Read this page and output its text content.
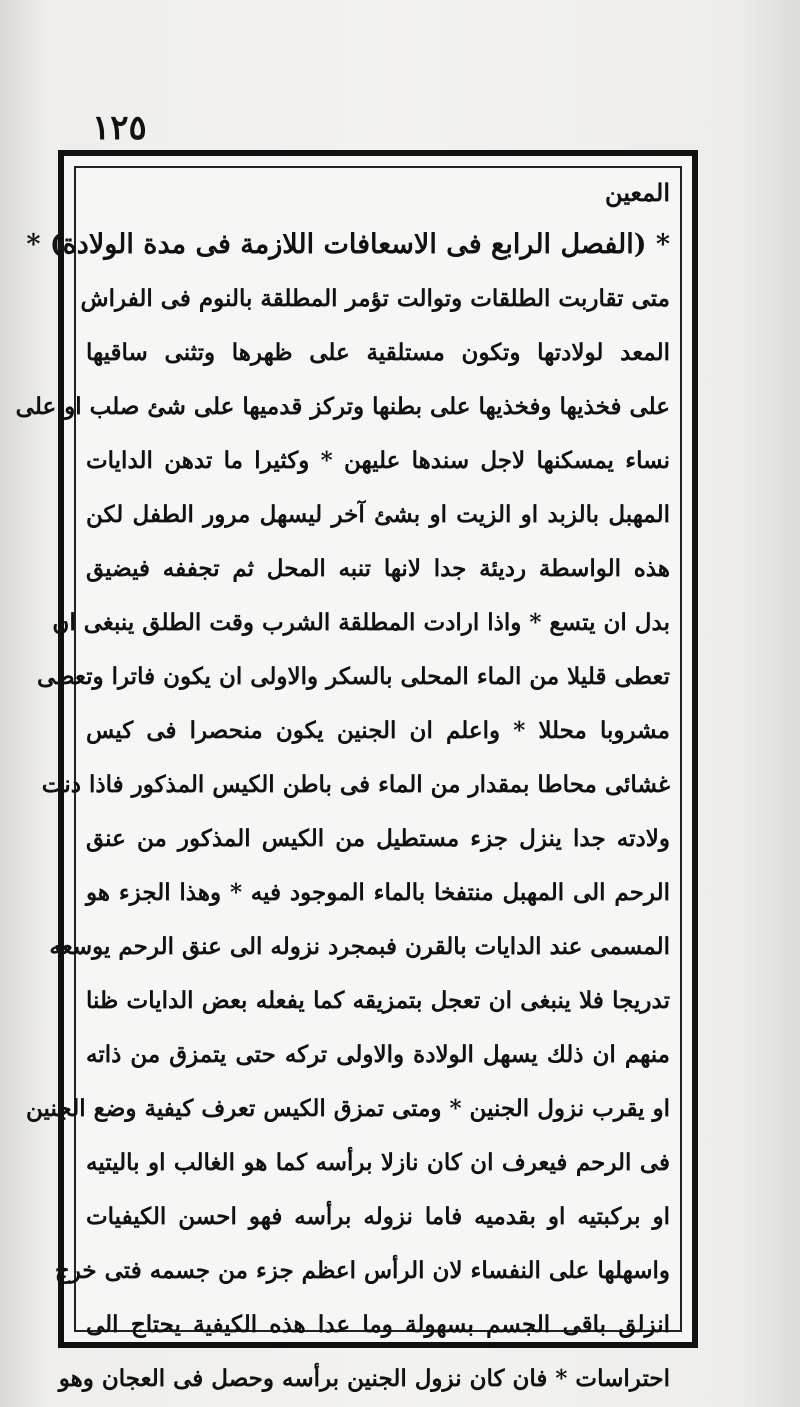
١٢٥
المعين
* (الفصل الرابع فى الاسعافات اللازمة فى مدة الولادة) *
متى تقاربت الطلقات وتوالت تؤمر المطلقة بالنوم فى الفراش
المعد لولادتها وتكون مستلقية على ظهرها وتثنى ساقيها
على فخذيها وفخذيها على بطنها وتركز قدميها على شئ صلب او على
نساء يمسكنها لاجل سندها عليهن * وكثيرا ما تدهن الدايات
المهبل بالزبد او الزيت او بشئ آخر ليسهل مرور الطفل لكن
هذه الواسطة رديئة جدا لانها تنبه المحل ثم تجففه فيضيق
بدل ان يتسع * واذا ارادت المطلقة الشرب وقت الطلق ينبغى ان
تعطى قليلا من الماء المحلى بالسكر والاولى ان يكون فاترا وتعطى
مشروبا محللا * واعلم ان الجنين يكون منحصرا فى كيس
غشائى محاطا بمقدار من الماء فى باطن الكيس المذكور فاذا دنت
ولادته جدا ينزل جزء مستطيل من الكيس المذكور من عنق
الرحم الى المهبل منتفخا بالماء الموجود فيه * وهذا الجزء هو
المسمى عند الدايات بالقرن فبمجرد نزوله الى عنق الرحم يوسعه
تدريجا فلا ينبغى ان تعجل بتمزيقه كما يفعله بعض الدايات ظنا
منهم ان ذلك يسهل الولادة والاولى تركه حتى يتمزق من ذاته
او يقرب نزول الجنين * ومتى تمزق الكيس تعرف كيفية وضع الجنين
فى الرحم فيعرف ان كان نازلا برأسه كما هو الغالب او باليتيه
او بركبتيه او بقدميه فاما نزوله برأسه فهو احسن الكيفيات
واسهلها على النفساء لان الرأس اعظم جزء من جسمه فتى خرج
انزلق باقى الجسم بسهولة وما عدا هذه الكيفية يحتاج الى
احتراسات * فان كان نزول الجنين برأسه وحصل فى العجان وهو
